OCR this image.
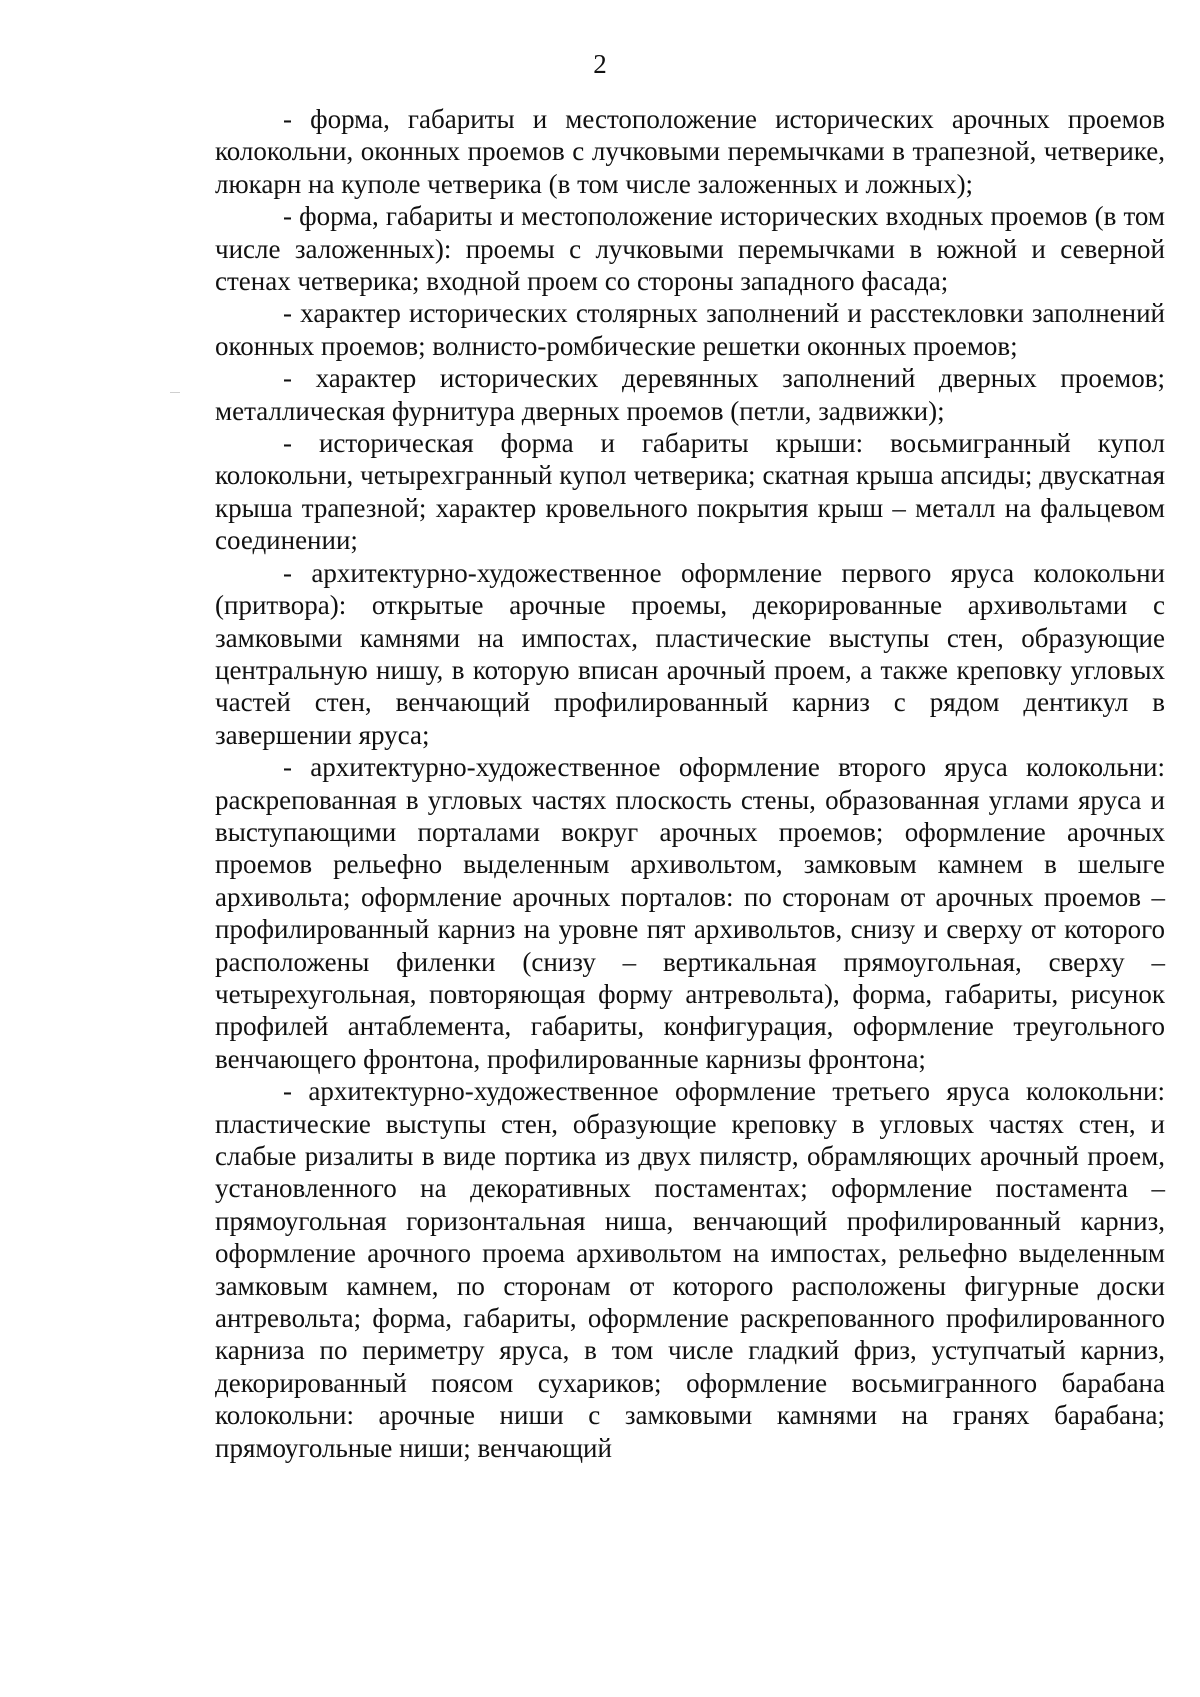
2

- форма, габариты и местоположение исторических арочных проемов колокольни, оконных проемов с лучковыми перемычками в трапезной, четверике, люкарн на куполе четверика (в том числе заложенных и ложных);

- форма, габариты и местоположение исторических входных проемов (в том числе заложенных): проемы с лучковыми перемычками в южной и северной стенах четверика; входной проем со стороны западного фасада;

- характер исторических столярных заполнений и расстекловки заполнений оконных проемов; волнисто-ромбические решетки оконных проемов;

- характер исторических деревянных заполнений дверных проемов; металлическая фурнитура дверных проемов (петли, задвижки);

- историческая форма и габариты крыши: восьмигранный купол колокольни, четырехгранный купол четверика; скатная крыша апсиды; двускатная крыша трапезной; характер кровельного покрытия крыш – металл на фальцевом соединении;

- архитектурно-художественное оформление первого яруса колокольни (притвора): открытые арочные проемы, декорированные архивольтами с замковыми камнями на импостах, пластические выступы стен, образующие центральную нишу, в которую вписан арочный проем, а также креповку угловых частей стен, венчающий профилированный карниз с рядом дентикул в завершении яруса;

- архитектурно-художественное оформление второго яруса колокольни: раскрепованная в угловых частях плоскость стены, образованная углами яруса и выступающими порталами вокруг арочных проемов; оформление арочных проемов рельефно выделенным архивольтом, замковым камнем в шелыге архивольта; оформление арочных порталов: по сторонам от арочных проемов – профилированный карниз на уровне пят архивольтов, снизу и сверху от которого расположены филенки (снизу – вертикальная прямоугольная, сверху – четырехугольная, повторяющая форму антревольта), форма, габариты, рисунок профилей антаблемента, габариты, конфигурация, оформление треугольного венчающего фронтона, профилированные карнизы фронтона;

- архитектурно-художественное оформление третьего яруса колокольни: пластические выступы стен, образующие креповку в угловых частях стен, и слабые ризалиты в виде портика из двух пилястр, обрамляющих арочный проем, установленного на декоративных постаментах; оформление постамента – прямоугольная горизонтальная ниша, венчающий профилированный карниз, оформление арочного проема архивольтом на импостах, рельефно выделенным замковым камнем, по сторонам от которого расположены фигурные доски антревольта; форма, габариты, оформление раскрепованного профилированного карниза по периметру яруса, в том числе гладкий фриз, уступчатый карниз, декорированный поясом сухариков; оформление восьмигранного барабана колокольни: арочные ниши с замковыми камнями на гранях барабана; прямоугольные ниши; венчающий
